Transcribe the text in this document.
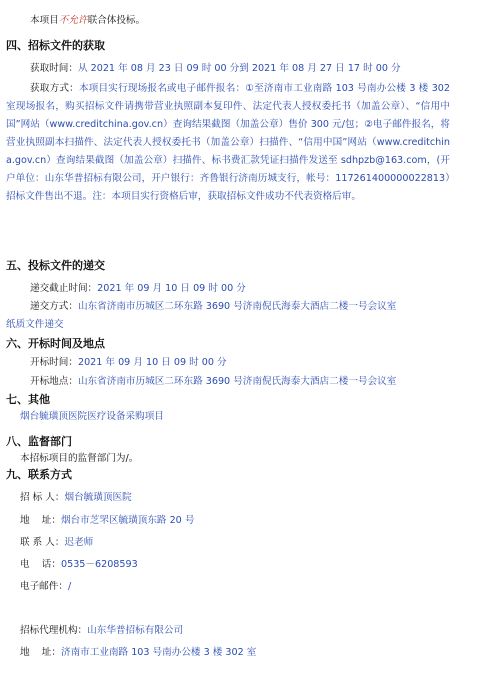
本项目不允许联合体投标。
四、招标文件的获取
获取时间：从 2021 年 08 月 23 日 09 时 00 分到 2021 年 08 月 27 日 17 时 00 分
获取方式：本项目实行现场报名或电子邮件报名：①至济南市工业南路 103 号南办公楼 3 楼 302 室现场报名，购买招标文件请携带营业执照副本复印件、法定代表人授权委托书（加盖公章）、“信用中国”网站（www.creditchina.gov.cn）查询结果截图（加盖公章）售价 300 元/包；②电子邮件报名，将营业执照副本扫描件、法定代表人授权委托书（加盖公章）扫描件、“信用中国”网站（www.creditchina.gov.cn）查询结果截图（加盖公章）扫描件、标书费汇款凭证扫描件发送至 sdhpzb@163.com，(开户单位：山东华普招标有限公司，开户银行：齐鲁银行济南历城支行，帐号：117261400000022813）招标文件售出不退。注：本项目实行资格后审，获取招标文件成功不代表资格后审。
五、投标文件的递交
递交截止时间：2021 年 09 月 10 日 09 时 00 分
递交方式：山东省济南市历城区二环东路 3690 号济南倪氏海泰大酒店二楼一号会议室
纸质文件递交
六、开标时间及地点
开标时间：2021 年 09 月 10 日 09 时 00 分
开标地点：山东省济南市历城区二环东路 3690 号济南倪氏海泰大酒店二楼一号会议室
七、其他
烟台毓璜顶医院医疗设备采购项目
八、监督部门
本招标项目的监督部门为/。
九、联系方式
招 标 人：烟台毓璜顶医院
地    址：烟台市芝罘区毓璜顶东路 20 号
联 系 人：迟老师
电    话：0535－6208593
电子邮件：/
招标代理机构：山东华普招标有限公司
地    址：济南市工业南路 103 号南办公楼 3 楼 302 室
